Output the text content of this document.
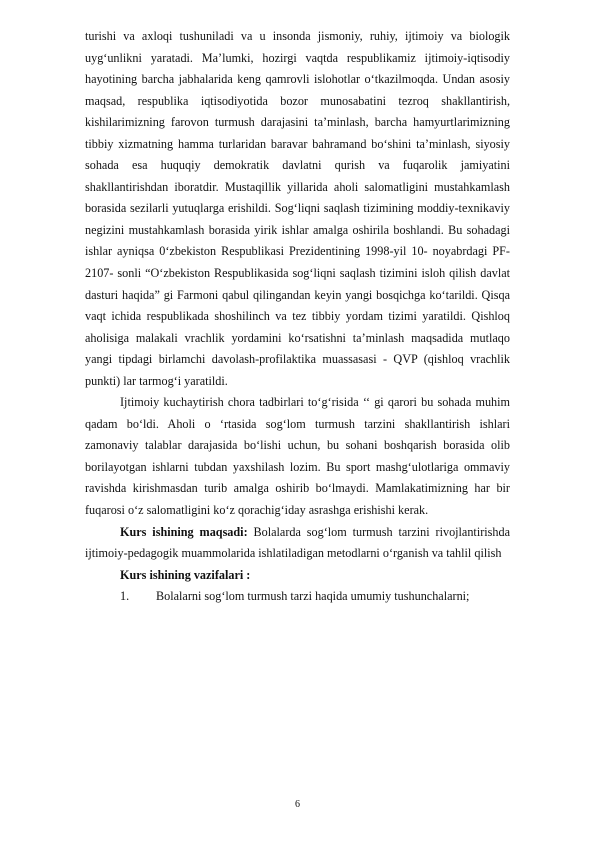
turishi va axloqi tushuniladi va u insonda jismoniy, ruhiy, ijtimoiy va biologik uyg‘unlikni yaratadi. Ma’lumki, hozirgi vaqtda respublikamiz ijtimoiy-iqtisodiy hayotining barcha jabhalarida keng qamrovli islohotlar o‘tkazilmoqda. Undan asosiy maqsad, respublika iqtisodiyotida bozor munosabatini tezroq shakllantirish, kishilarimizning farovon turmush darajasini ta’minlash, barcha hamyurtlarimizning tibbiy xizmatning hamma turlaridan baravar bahramand bo‘shini ta’minlash, siyosiy sohada esa huquqiy demokratik davlatni qurish va fuqarolik jamiyatini shakllantirishdan iboratdir. Mustaqillik yillarida aholi salomatligini mustahkamlash borasida sezilarli yutuqlarga erishildi. Sog‘liqni saqlash tizimining moddiy-texnikaviy negizini mustahkamlash borasida yirik ishlar amalga oshirila boshlandi. Bu sohadagi ishlar ayniqsa 0‘zbekiston Respublikasi Prezidentining 1998-yil 10- noyabrdagi PF-2107- sonli “O‘zbekiston Respublikasida sog‘liqni saqlash tizimini isloh qilish davlat dasturi haqida” gi Farmoni qabul qilingandan keyin yangi bosqichga ko‘tarildi. Qisqa vaqt ichida respublikada shoshilinch va tez tibbiy yordam tizimi yaratildi. Qishloq aholisiga malakali vrachlik yordamini ko‘rsatishni ta’minlash maqsadida mutlaqo yangi tipdagi birlamchi davolash-profilaktika muassasasi - QVP (qishloq vrachlik punkti) lar tarmog‘i yaratildi.

Ijtimoiy kuchaytirish chora tadbirlari to‘g‘risida ‘‘ gi qarori bu sohada muhim qadam bo‘ldi. Aholi o ‘rtasida sog‘lom turmush tarzini shakllantirish ishlari zamonaviy talablar darajasida bo‘lishi uchun, bu sohani boshqarish borasida olib borilayotgan ishlarni tubdan yaxshilash lozim. Bu sport mashg‘ulotlariga ommaviy ravishda kirishmasdan turib amalga oshirib bo‘lmaydi. Mamlakatimizning har bir fuqarosi o‘z salomatligini ko‘z qorachig‘iday asrashga erishishi kerak.

Kurs ishining maqsadi: Bolalarda sog‘lom turmush tarzini rivojlantirishda ijtimoiy-pedagogik muammolarida ishlatiladigan metodlarni o‘rganish va tahlil qilish

Kurs ishining vazifalari :

1. Bolalarni sog‘lom turmush tarzi haqida umumiy tushunchalarni;

6
